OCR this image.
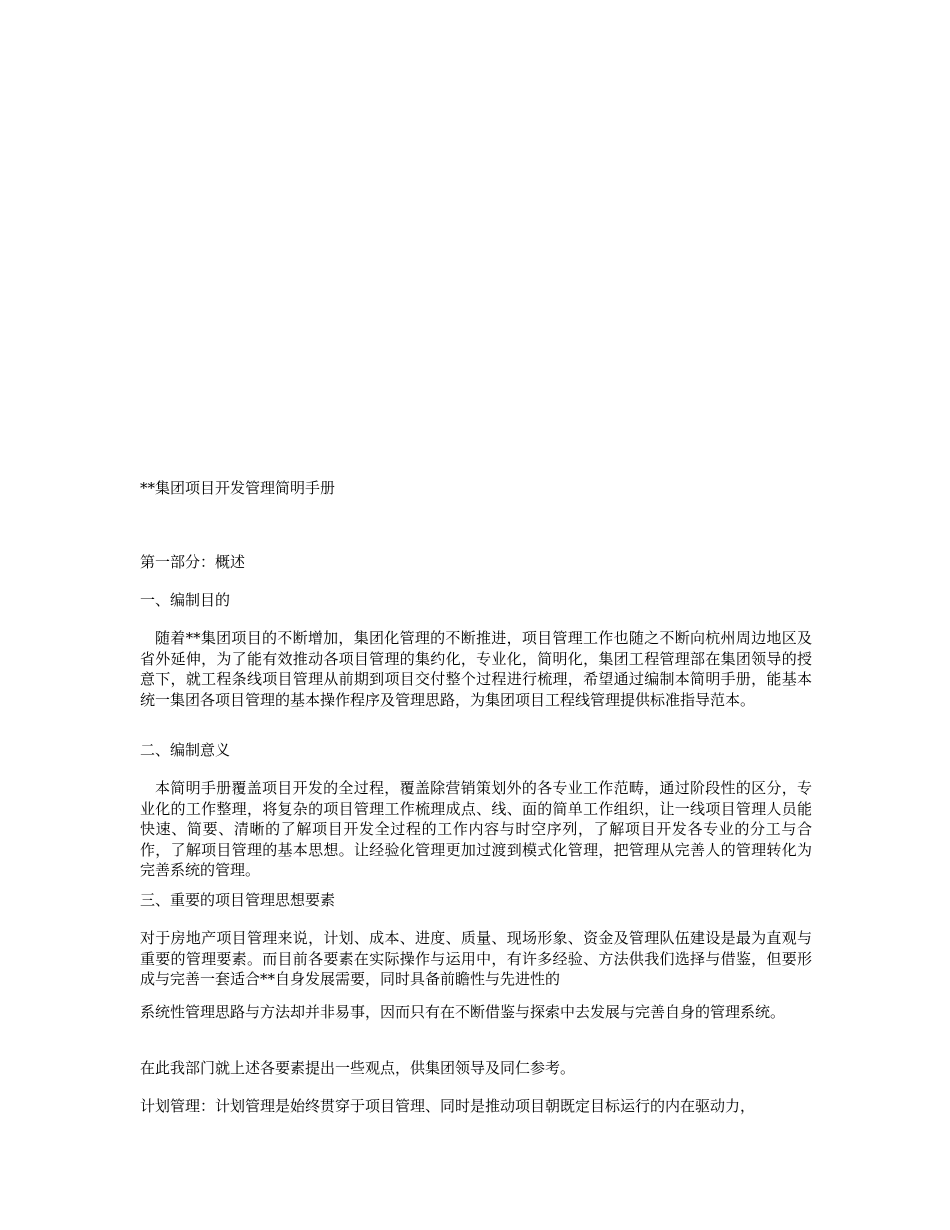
**集团项目开发管理简明手册
第一部分：概述
一、编制目的
随着**集团项目的不断增加，集团化管理的不断推进，项目管理工作也随之不断向杭州周边地区及省外延伸，为了能有效推动各项目管理的集约化，专业化，简明化，集团工程管理部在集团领导的授意下，就工程条线项目管理从前期到项目交付整个过程进行梳理，希望通过编制本简明手册，能基本统一集团各项目管理的基本操作程序及管理思路，为集团项目工程线管理提供标准指导范本。
二、编制意义
本简明手册覆盖项目开发的全过程，覆盖除营销策划外的各专业工作范畴，通过阶段性的区分，专业化的工作整理，将复杂的项目管理工作梳理成点、线、面的简单工作组织，让一线项目管理人员能快速、简要、清晰的了解项目开发全过程的工作内容与时空序列，了解项目开发各专业的分工与合作，了解项目管理的基本思想。让经验化管理更加过渡到模式化管理，把管理从完善人的管理转化为完善系统的管理。
三、重要的项目管理思想要素
对于房地产项目管理来说，计划、成本、进度、质量、现场形象、资金及管理队伍建设是最为直观与重要的管理要素。而目前各要素在实际操作与运用中，有许多经验、方法供我们选择与借鉴，但要形成与完善一套适合**自身发展需要，同时具备前瞻性与先进性的
系统性管理思路与方法却并非易事，因而只有在不断借鉴与探索中去发展与完善自身的管理系统。
在此我部门就上述各要素提出一些观点，供集团领导及同仁参考。
计划管理：计划管理是始终贯穿于项目管理、同时是推动项目朝既定目标运行的内在驱动力，
